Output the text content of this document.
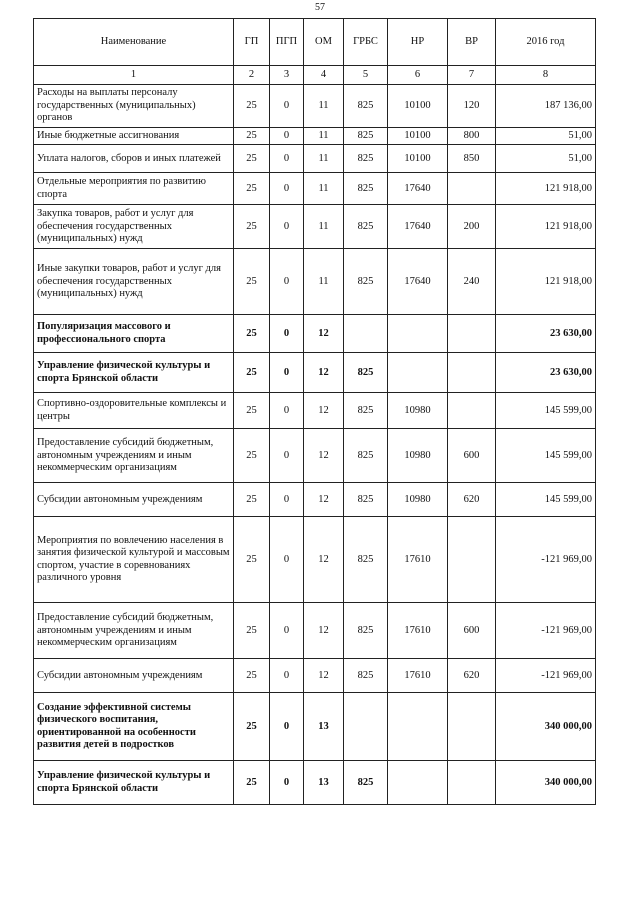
57
Наименование	ГП	ПГП	ОМ	ГРБС	НР	ВР	2016 год
1	2	3	4	5	6	7	8
Расходы на выплаты персоналу государственных (муниципальных) органов	25	0	11	825	10100	120	187 136,00
Иные бюджетные ассигнования	25	0	11	825	10100	800	51,00
Уплата налогов, сборов и иных платежей	25	0	11	825	10100	850	51,00
Отдельные мероприятия по развитию спорта	25	0	11	825	17640		121 918,00
Закупка товаров, работ и услуг для обеспечения государственных (муниципальных) нужд	25	0	11	825	17640	200	121 918,00
Иные закупки товаров, работ и услуг для обеспечения государственных (муниципальных) нужд	25	0	11	825	17640	240	121 918,00
Популяризация массового и профессионального спорта	25	0	12				23 630,00
Управление физической культуры и спорта Брянской области	25	0	12	825			23 630,00
Спортивно-оздоровительные комплексы и центры	25	0	12	825	10980		145 599,00
Предоставление субсидий бюджетным, автономным учреждениям и иным некоммерческим организациям	25	0	12	825	10980	600	145 599,00
Субсидии автономным учреждениям	25	0	12	825	10980	620	145 599,00
Мероприятия по вовлечению населения в занятия физической культурой и массовым спортом, участие в соревнованиях различного уровня	25	0	12	825	17610		-121 969,00
Предоставление субсидий бюджетным, автономным учреждениям и иным некоммерческим организациям	25	0	12	825	17610	600	-121 969,00
Субсидии автономным учреждениям	25	0	12	825	17610	620	-121 969,00
Создание эффективной системы физического воспитания, ориентированной на особенности развития детей в подростков	25	0	13				340 000,00
Управление физической культуры и спорта Брянской области	25	0	13	825			340 000,00
